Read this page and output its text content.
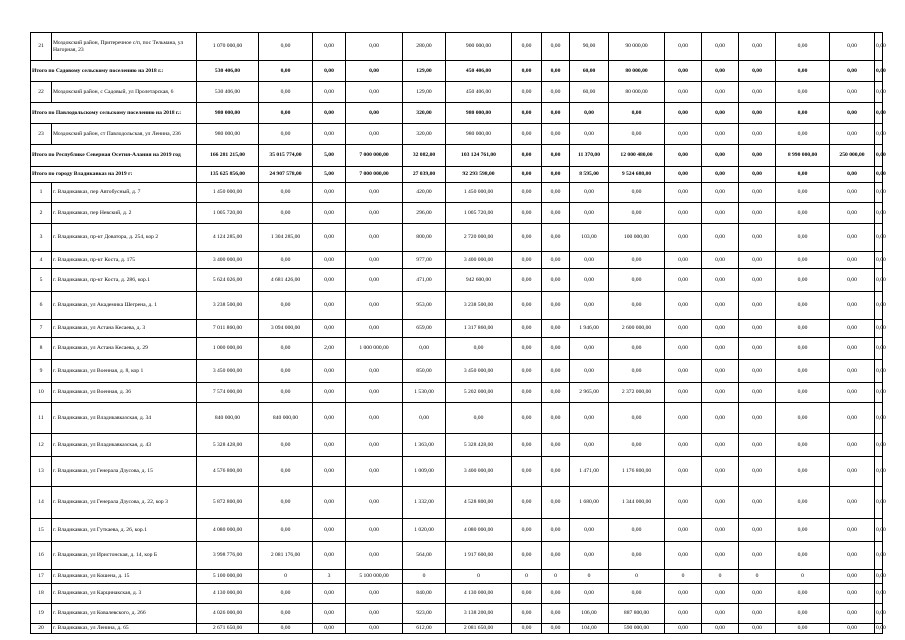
21	Моздокский район, Притеречное с/п, пос Тельмана, ул Нагорная, 23	1 070 000,00	0,00	0,00	0,00	280,00	900 000,00	0,00	0,00	90,00	90 000,00	0,00	0,00	0,00	0,00	0,00	0,00
Итого по Садовому сельскому поселению на 2018 г.:		530 406,00	0,00	0,00	0,00	129,00	450 406,00	0,00	0,00	60,00	80 000,00	0,00	0,00	0,00	0,00	0,00	0,00
22	Моздокский район, с Садовый, ул Пролетарская, 6	530 406,00	0,00	0,00	0,00	129,00	450 406,00	0,00	0,00	60,00	80 000,00	0,00	0,00	0,00	0,00	0,00	0,00
Итого по Павлодольскому сельскому поселению на 2018 г.:		980 000,00	0,00	0,00	0,00	320,00	980 000,00	0,00	0,00	0,00	0,00	0,00	0,00	0,00	0,00	0,00	0,00
23	Моздокский район, ст Павлодольская, ул Ленина, 236	980 000,00	0,00	0,00	0,00	320,00	980 000,00	0,00	0,00	0,00	0,00	0,00	0,00	0,00	0,00	0,00	0,00
Итого по Республике Северная Осетия-Алания на 2019 год		166 281 215,00	35 015 774,00	5,00	7 000 000,00	32 082,00	103 124 761,00	0,00	0,00	11 370,00	12 000 480,00	0,00	0,00	0,00	8 990 000,00	250 000,00	0,00
Итого по городу Владикавказ на 2019 г:		135 625 856,00	24 907 578,00	5,00	7 000 000,00	27 039,00	92 293 598,00	0,00	0,00	8 595,00	9 524 680,00	0,00	0,00	0,00	0,00	0,00	0,00
1	г. Владикавказ, пер Автобусный, д. 7	1 450 000,00	0,00	0,00	0,00	420,00	1 450 000,00	0,00	0,00	0,00	0,00	0,00	0,00	0,00	0,00	0,00	0,00
2	г. Владикавказ, пер Невский, д. 2	1 005 720,00	0,00	0,00	0,00	296,00	1 005 720,00	0,00	0,00	0,00	0,00	0,00	0,00	0,00	0,00	0,00	0,00
3	г. Владикавказ, пр-кт Доватора, д. 254, кор 2	4 124 285,00	1 304 285,00	0,00	0,00	800,00	2 720 000,00	0,00	0,00	103,00	100 000,00	0,00	0,00	0,00	0,00	0,00	0,00
4	г. Владикавказ, пр-кт Коста, д. 175	3 400 000,00	0,00	0,00	0,00	977,00	3 400 000,00	0,00	0,00	0,00	0,00	0,00	0,00	0,00	0,00	0,00	0,00
5	г. Владикавказ, пр-кт Коста, д. 286, кор.1	5 624 026,00	4 681 426,00	0,00	0,00	471,00	942 600,00	0,00	0,00	0,00	0,00	0,00	0,00	0,00	0,00	0,00	0,00
6	г. Владикавказ, ул Академика Шегрена, д. 1	3 238 500,00	0,00	0,00	0,00	953,00	3 238 500,00	0,00	0,00	0,00	0,00	0,00	0,00	0,00	0,00	0,00	0,00
7	г. Владикавказ, ул Астана Кесаева, д. 3	7 011 860,00	3 094 000,00	0,00	0,00	659,00	1 317 860,00	0,00	0,00	1 946,00	2 600 000,00	0,00	0,00	0,00	0,00	0,00	0,00
8	г. Владикавказ, ул Астана Кесаева, д. 29	1 000 000,00	0,00	2,00	1 000 000,00	0,00	0,00	0,00	0,00	0,00	0,00	0,00	0,00	0,00	0,00	0,00	0,00
9	г. Владикавказ, ул Военная, д. 8, кор 1	3 450 000,00	0,00	0,00	0,00	850,00	3 450 000,00	0,00	0,00	0,00	0,00	0,00	0,00	0,00	0,00	0,00	0,00
10	г. Владикавказ, ул Военная, д. 36	7 574 000,00	0,00	0,00	0,00	1 530,00	5 202 000,00	0,00	0,00	2 965,00	2 372 000,00	0,00	0,00	0,00	0,00	0,00	0,00
11	г. Владикавказ, ул Владикавказская, д. 34	840 000,00	840 000,00	0,00	0,00	0,00	0,00	0,00	0,00	0,00	0,00	0,00	0,00	0,00	0,00	0,00	0,00
12	г. Владикавказ, ул Владикавказская, д. 43	5 328 428,00	0,00	0,00	0,00	1 363,00	5 328 428,00	0,00	0,00	0,00	0,00	0,00	0,00	0,00	0,00	0,00	0,00
13	г. Владикавказ, ул Генерала Дзусова, д. 15	4 576 800,00	0,00	0,00	0,00	1 009,00	3 400 000,00	0,00	0,00	1 471,00	1 176 800,00	0,00	0,00	0,00	0,00	0,00	0,00
14	г. Владикавказ, ул Генерала Дзусова, д. 22, кор 3	5 872 800,00	0,00	0,00	0,00	1 332,00	4 528 800,00	0,00	0,00	1 680,00	1 344 000,00	0,00	0,00	0,00	0,00	0,00	0,00
15	г. Владикавказ, ул Гуткаева, д. 26, кор.1	4 080 000,00	0,00	0,00	0,00	1 020,00	4 080 000,00	0,00	0,00	0,00	0,00	0,00	0,00	0,00	0,00	0,00	0,00
16	г. Владикавказ, ул Иристонская, д. 14, кор Б	3 998 776,00	2 081 176,00	0,00	0,00	564,00	1 917 600,00	0,00	0,00	0,00	0,00	0,00	0,00	0,00	0,00	0,00	0,00
17	г. Владикавказ, ул Кошена, д. 15	5 100 000,00	0	3	5 100 000,00	0	0	0	0	0	0	0	0	0	0	0,00	0,00
18	г. Владикавказ, ул Карцинакская, д. 3	4 130 000,00	0,00	0,00	0,00	840,00	4 130 000,00	0,00	0,00	0,00	0,00	0,00	0,00	0,00	0,00	0,00	0,00
19	г. Владикавказ, ул Ковалевского, д. 266	4 026 000,00	0,00	0,00	0,00	923,00	3 138 200,00	0,00	0,00	106,00	887 800,00	0,00	0,00	0,00	0,00	0,00	0,00
20	г. Владикавказ, ул Ленина, д. 65	2 671 650,00	0,00	0,00	0,00	612,00	2 081 650,00	0,00	0,00	104,00	590 000,00	0,00	0,00	0,00	0,00	0,00	0,00
